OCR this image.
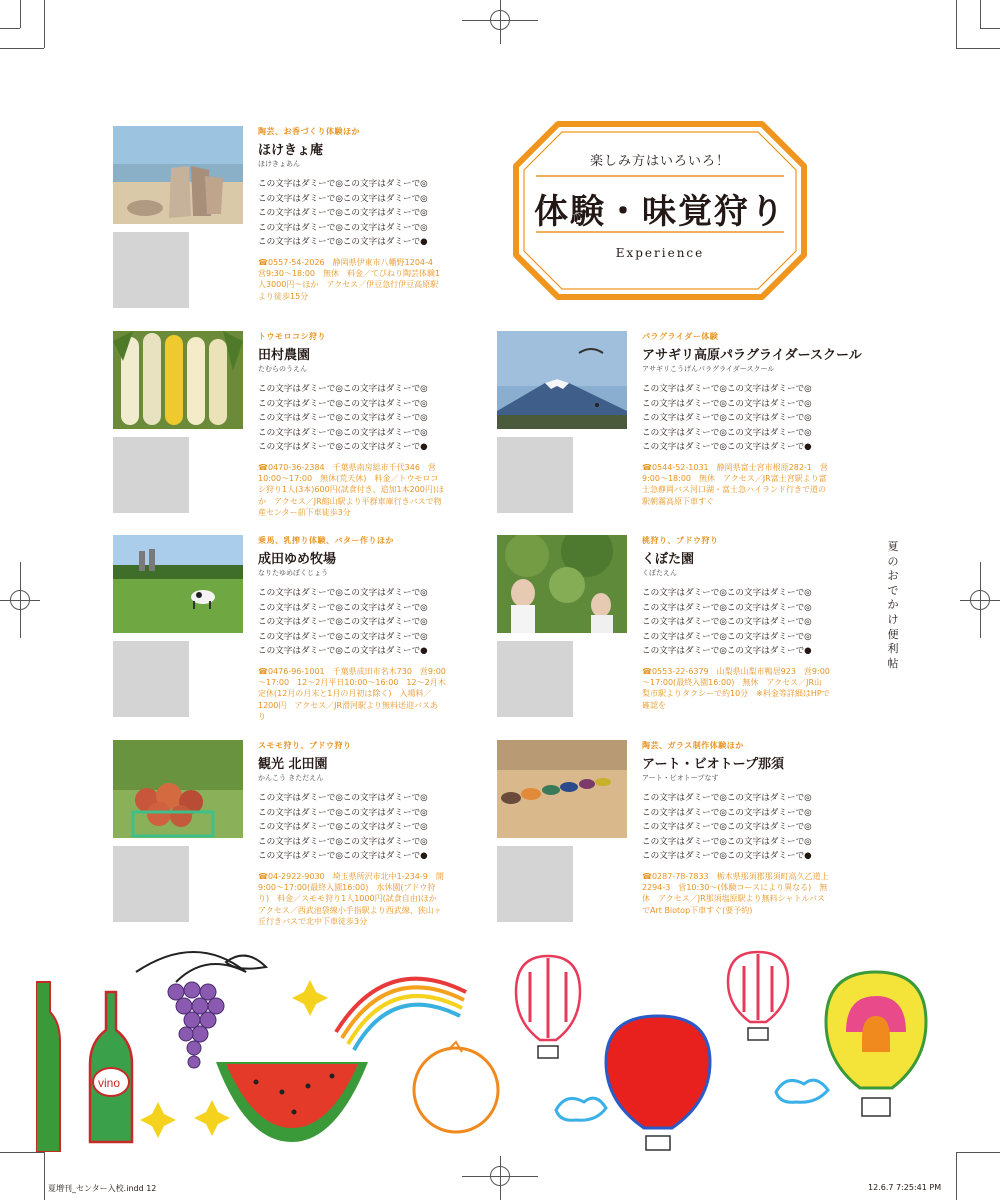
楽しみ方はいろいろ！
体験・味覚狩り
Experience
陶芸、お香づくり体験ほか
ほけきょ庵
ほけきょあん
この文字はダミーで◎この文字はダミーで◎
この文字はダミーで◎この文字はダミーで◎
この文字はダミーで◎この文字はダミーで◎
この文字はダミーで◎この文字はダミーで◎
この文字はダミーで◎この文字はダミーで●
☎0557-54-2026　静岡県伊東市八幡野1204-4　営9:30～18:00　無休　料金／てびねり陶芸体験1人3000円～ほか　アクセス／伊豆急行伊豆高原駅より徒歩15分
トウモロコシ狩り
田村農園
たむらのうえん
この文字はダミーで◎この文字はダミーで◎
この文字はダミーで◎この文字はダミーで◎
この文字はダミーで◎この文字はダミーで◎
この文字はダミーで◎この文字はダミーで◎
この文字はダミーで◎この文字はダミーで●
☎0470-36-2384　千葉県南房総市千代346　営10:00～17:00　無休(荒天休)　料金／トウモロコシ狩り1人(3本)600円(試食付き、追加1本200円)ほか　アクセス／JR館山駅より平群車庫行きバスで物産センター前下車徒歩3分
パラグライダー体験
アサギリ高原パラグライダースクール
アサギリこうげんパラグライダースクール
この文字はダミーで◎この文字はダミーで◎
この文字はダミーで◎この文字はダミーで◎
この文字はダミーで◎この文字はダミーで◎
この文字はダミーで◎この文字はダミーで◎
この文字はダミーで◎この文字はダミーで●
☎0544-52-1031　静岡県富士宮市根原282-1　営9:00～18:00　無休　アクセス／JR富士宮駅より富士急静岡バス河口湖・富士急ハイランド行きで道の駅朝霧高原下車すぐ
乗馬、乳搾り体験、バター作りほか
成田ゆめ牧場
なりたゆめぼくじょう
この文字はダミーで◎この文字はダミーで◎
この文字はダミーで◎この文字はダミーで◎
この文字はダミーで◎この文字はダミーで◎
この文字はダミーで◎この文字はダミーで◎
この文字はダミーで◎この文字はダミーで●
☎0476-96-1001　千葉県成田市名木730　営9:00～17:00　12～2月平日10:00～16:00　12～2月木定休(12月の月末と1月の月初は除く)　入場料／1200円　アクセス／JR滑河駅より無料送迎バスあり
桃狩り、ブドウ狩り
くぼた園
くぼたえん
この文字はダミーで◎この文字はダミーで◎
この文字はダミーで◎この文字はダミーで◎
この文字はダミーで◎この文字はダミーで◎
この文字はダミーで◎この文字はダミーで◎
この文字はダミーで◎この文字はダミーで●
☎0553-22-6379　山梨県山梨市鴨居923　営9:00～17:00(最終入園16:00)　無休　アクセス／JR山梨市駅よりタクシーで約10分　※料金等詳細はHPで確認を
スモモ狩り、ブドウ狩り
観光 北田園
かんこう きただえん
この文字はダミーで◎この文字はダミーで◎
この文字はダミーで◎この文字はダミーで◎
この文字はダミーで◎この文字はダミーで◎
この文字はダミーで◎この文字はダミーで◎
この文字はダミーで◎この文字はダミーで●
☎04-2922-9030　埼玉県所沢市北中1-234-9　開9:00～17:00(最終入園16:00)　水休園(ブドウ狩り)　料金／スモモ狩り1人1000円(試食自由)ほか　アクセス／西武池袋線小手指駅より西武線、狭山ヶ丘行きバスで北中下車徒歩3分
陶芸、ガラス制作体験ほか
アート・ビオトープ那須
アート・ビオトープなす
この文字はダミーで◎この文字はダミーで◎
この文字はダミーで◎この文字はダミーで◎
この文字はダミーで◎この文字はダミーで◎
この文字はダミーで◎この文字はダミーで◎
この文字はダミーで◎この文字はダミーで●
☎0287-78-7833　栃木県那須郡那須町高久乙道上 2294-3　営10:30～(体験コースにより異なる)　無休　アクセス／JR那須塩原駅より無料シャトルバスでArt Biotop下車すぐ(要予約)
夏のおでかけ便利帖
vino
夏増刊_センター入校.indd 12	12.6.7 7:25:41 PM
